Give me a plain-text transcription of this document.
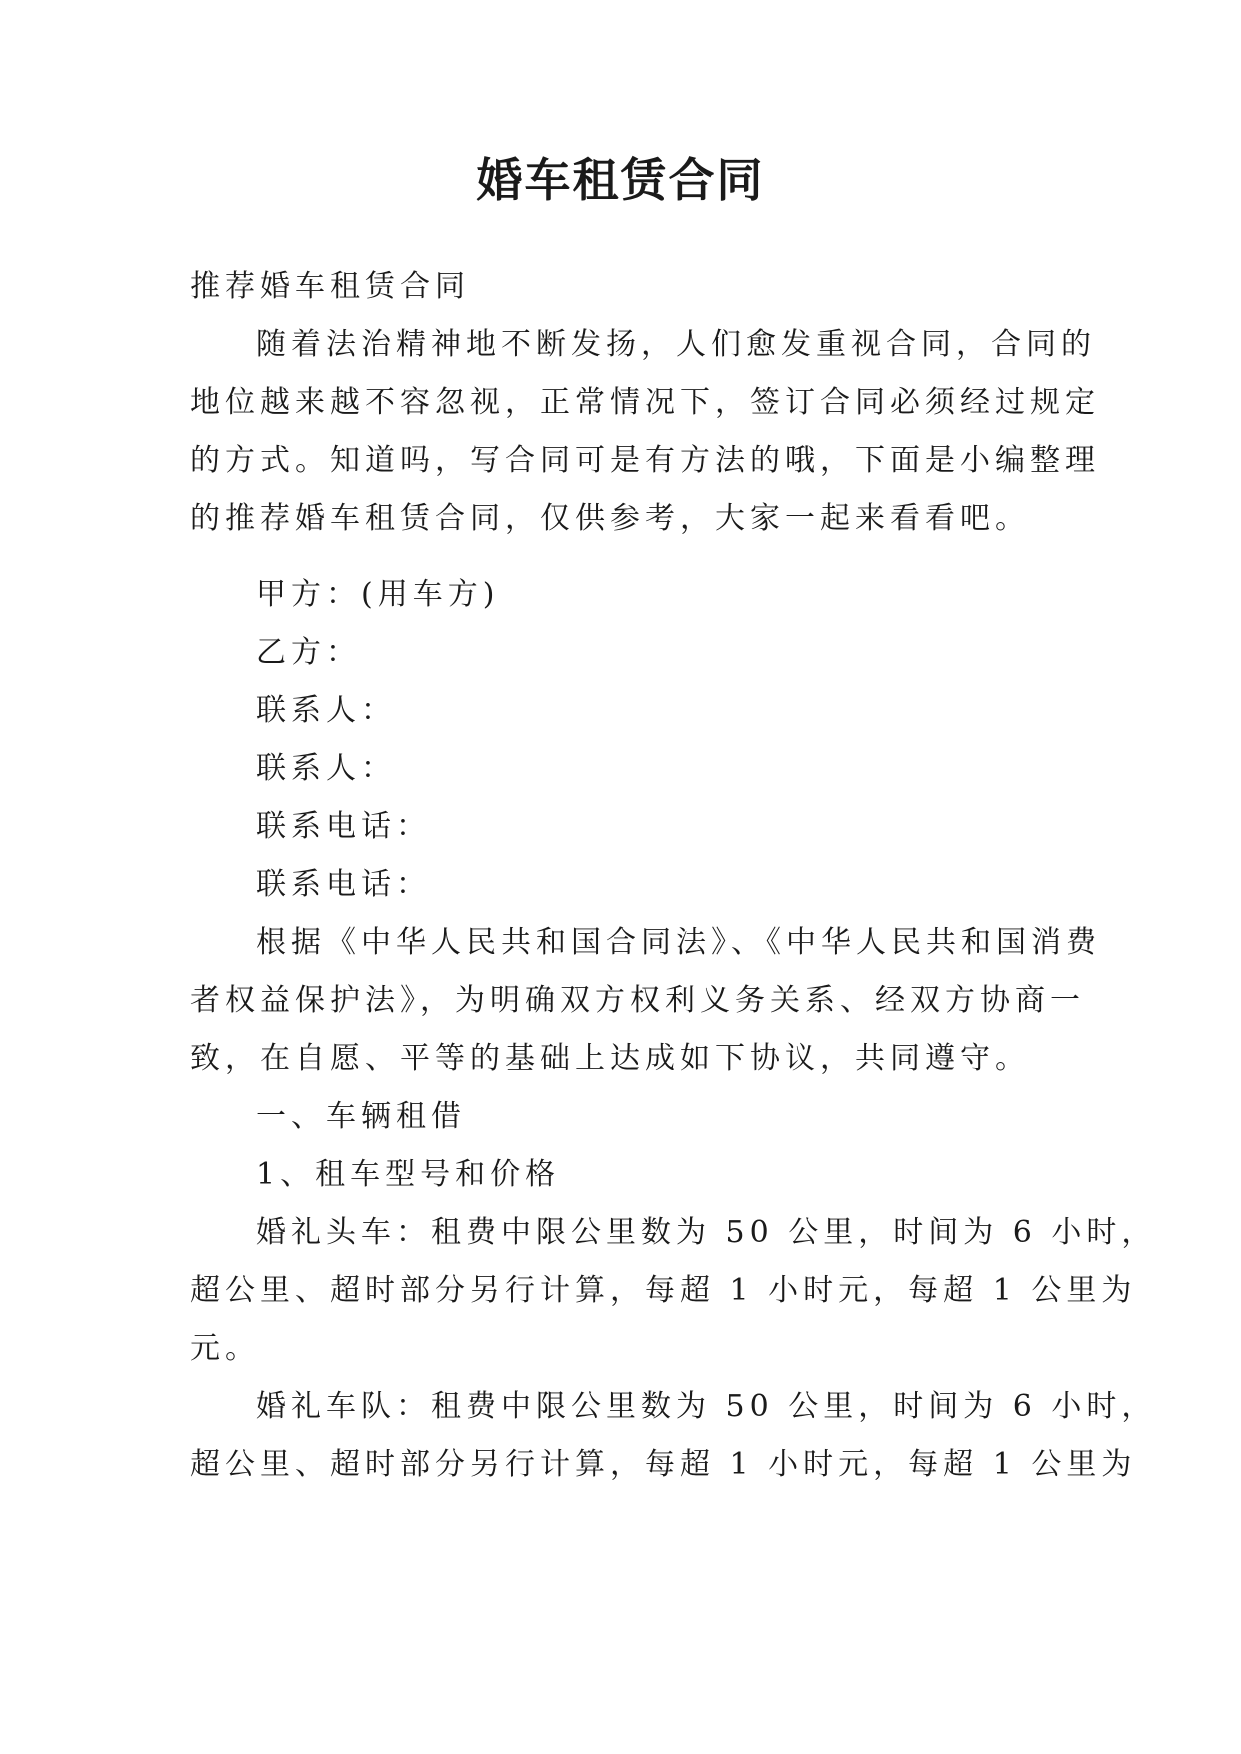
婚车租赁合同
推荐婚车租赁合同
随着法治精神地不断发扬，人们愈发重视合同，合同的
地位越来越不容忽视，正常情况下，签订合同必须经过规定
的方式。知道吗，写合同可是有方法的哦，下面是小编整理
的推荐婚车租赁合同，仅供参考，大家一起来看看吧。
甲方：(用车方)
乙方：
联系人：
联系人：
联系电话：
联系电话：
根据《中华人民共和国合同法》、《中华人民共和国消费
者权益保护法》，为明确双方权利义务关系、经双方协商一
致，在自愿、平等的基础上达成如下协议，共同遵守。
一、车辆租借
1、租车型号和价格
婚礼头车：租费中限公里数为 50 公里，时间为 6 小时，
超公里、超时部分另行计算，每超 1 小时元，每超 1 公里为
元。
婚礼车队：租费中限公里数为 50 公里，时间为 6 小时，
超公里、超时部分另行计算，每超 1 小时元，每超 1 公里为
